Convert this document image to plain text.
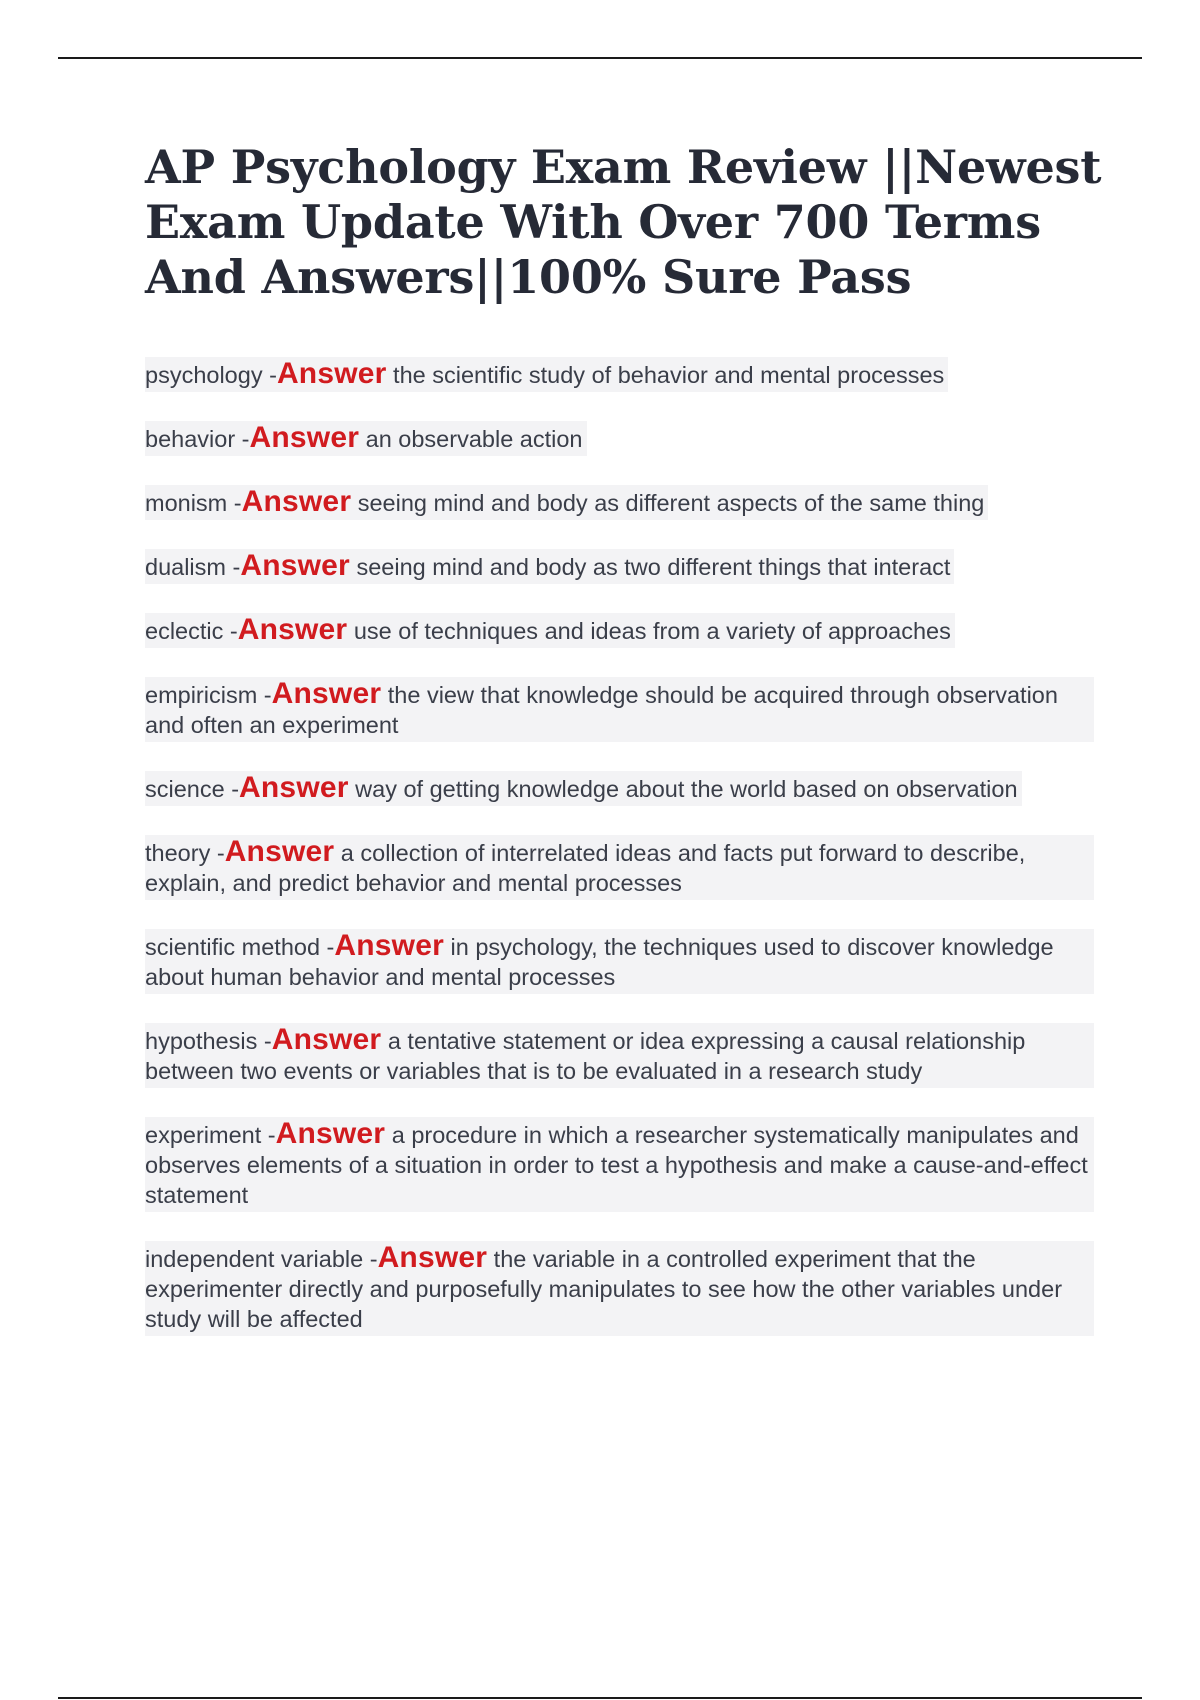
AP Psychology Exam Review ||Newest Exam Update With Over 700 Terms And Answers||100% Sure Pass
psychology -Answer the scientific study of behavior and mental processes
behavior -Answer an observable action
monism -Answer seeing mind and body as different aspects of the same thing
dualism -Answer seeing mind and body as two different things that interact
eclectic -Answer use of techniques and ideas from a variety of approaches
empiricism -Answer the view that knowledge should be acquired through observation and often an experiment
science -Answer way of getting knowledge about the world based on observation
theory -Answer a collection of interrelated ideas and facts put forward to describe, explain, and predict behavior and mental processes
scientific method -Answer in psychology, the techniques used to discover knowledge about human behavior and mental processes
hypothesis -Answer a tentative statement or idea expressing a causal relationship between two events or variables that is to be evaluated in a research study
experiment -Answer a procedure in which a researcher systematically manipulates and observes elements of a situation in order to test a hypothesis and make a cause-and-effect statement
independent variable -Answer the variable in a controlled experiment that the experimenter directly and purposefully manipulates to see how the other variables under study will be affected
